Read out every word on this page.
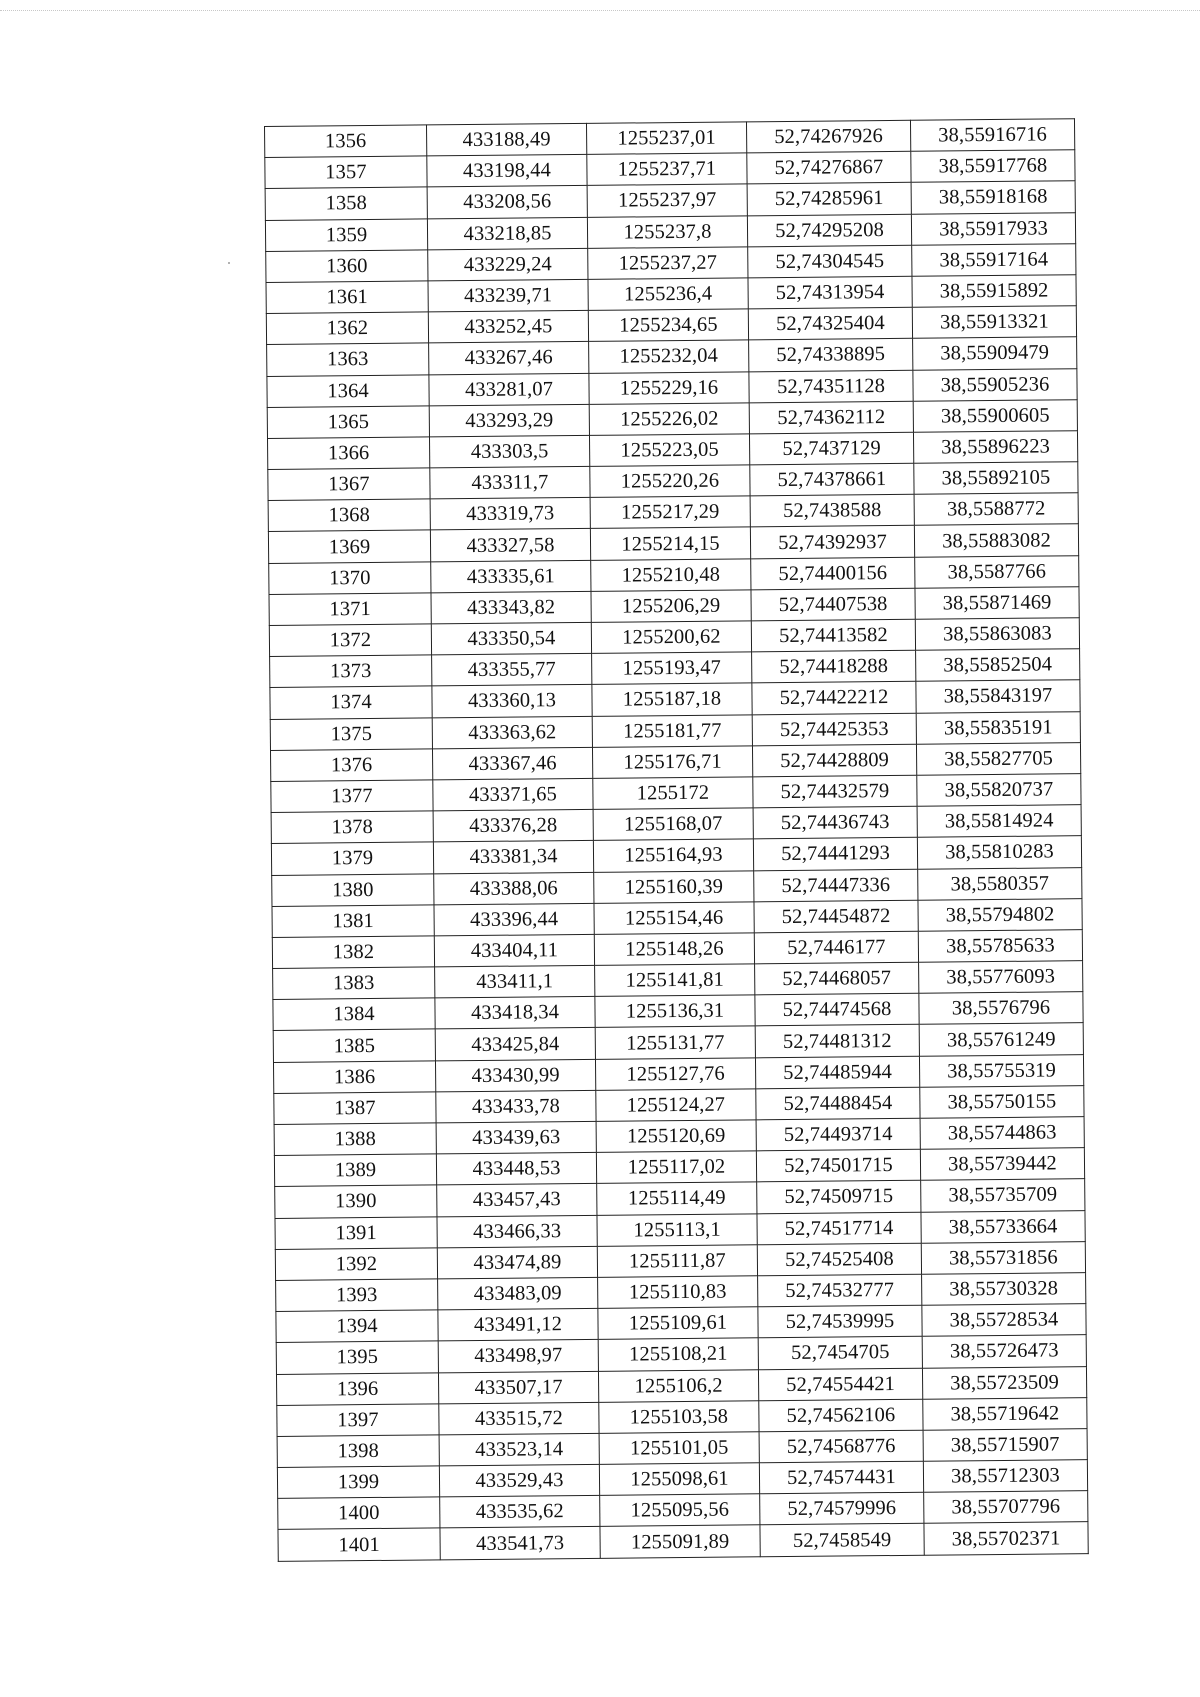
1356	433188,49	1255237,01	52,74267926	38,55916716
1357	433198,44	1255237,71	52,74276867	38,55917768
1358	433208,56	1255237,97	52,74285961	38,55918168
1359	433218,85	1255237,8	52,74295208	38,55917933
1360	433229,24	1255237,27	52,74304545	38,55917164
1361	433239,71	1255236,4	52,74313954	38,55915892
1362	433252,45	1255234,65	52,74325404	38,55913321
1363	433267,46	1255232,04	52,74338895	38,55909479
1364	433281,07	1255229,16	52,74351128	38,55905236
1365	433293,29	1255226,02	52,74362112	38,55900605
1366	433303,5	1255223,05	52,7437129	38,55896223
1367	433311,7	1255220,26	52,74378661	38,55892105
1368	433319,73	1255217,29	52,7438588	38,5588772
1369	433327,58	1255214,15	52,74392937	38,55883082
1370	433335,61	1255210,48	52,74400156	38,5587766
1371	433343,82	1255206,29	52,74407538	38,55871469
1372	433350,54	1255200,62	52,74413582	38,55863083
1373	433355,77	1255193,47	52,74418288	38,55852504
1374	433360,13	1255187,18	52,74422212	38,55843197
1375	433363,62	1255181,77	52,74425353	38,55835191
1376	433367,46	1255176,71	52,74428809	38,55827705
1377	433371,65	1255172	52,74432579	38,55820737
1378	433376,28	1255168,07	52,74436743	38,55814924
1379	433381,34	1255164,93	52,74441293	38,55810283
1380	433388,06	1255160,39	52,74447336	38,5580357
1381	433396,44	1255154,46	52,74454872	38,55794802
1382	433404,11	1255148,26	52,7446177	38,55785633
1383	433411,1	1255141,81	52,74468057	38,55776093
1384	433418,34	1255136,31	52,74474568	38,5576796
1385	433425,84	1255131,77	52,74481312	38,55761249
1386	433430,99	1255127,76	52,74485944	38,55755319
1387	433433,78	1255124,27	52,74488454	38,55750155
1388	433439,63	1255120,69	52,74493714	38,55744863
1389	433448,53	1255117,02	52,74501715	38,55739442
1390	433457,43	1255114,49	52,74509715	38,55735709
1391	433466,33	1255113,1	52,74517714	38,55733664
1392	433474,89	1255111,87	52,74525408	38,55731856
1393	433483,09	1255110,83	52,74532777	38,55730328
1394	433491,12	1255109,61	52,74539995	38,55728534
1395	433498,97	1255108,21	52,7454705	38,55726473
1396	433507,17	1255106,2	52,74554421	38,55723509
1397	433515,72	1255103,58	52,74562106	38,55719642
1398	433523,14	1255101,05	52,74568776	38,55715907
1399	433529,43	1255098,61	52,74574431	38,55712303
1400	433535,62	1255095,56	52,74579996	38,55707796
1401	433541,73	1255091,89	52,7458549	38,55702371
